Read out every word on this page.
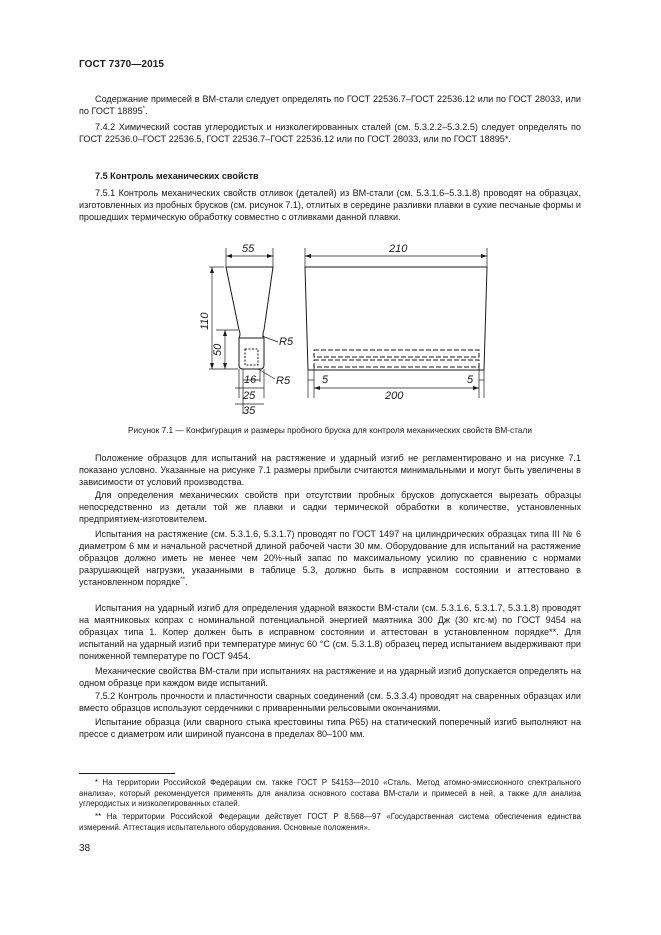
ГОСТ 7370—2015

Содержание примесей в ВМ-стали следует определять по ГОСТ 22536.7–ГОСТ 22536.12 или по ГОСТ 28033, или по ГОСТ 18895*.

7.4.2 Химический состав углеродистых и низколегированных сталей (см. 5.3.2.2–5.3.2.5) следует определять по ГОСТ 22536.0–ГОСТ 22536.5, ГОСТ 22536.7–ГОСТ 22536.12 или по ГОСТ 28033, или по ГОСТ 18895*.

7.5 Контроль механических свойств

7.5.1 Контроль механических свойств отливок (деталей) из ВМ-стали (см. 5.3.1.6–5.3.1.8) проводят на образцах, изготовленных из пробных брусков (см. рисунок 7.1), отлитых в середине разливки плавки в сухие песчаные формы и прошедших термическую обработку совместно с отливками данной плавки.

55
110
50
R5
R5
16
25
35
210
5	5
200
Рисунок 7.1 — Конфигурация и размеры пробного бруска для контроля механических свойств ВМ-стали

Положение образцов для испытаний на растяжение и ударный изгиб не регламентировано и на рисунке 7.1 показано условно. Указанные на рисунке 7.1 размеры прибыли считаются минимальными и могут быть увеличены в зависимости от условий производства.

Для определения механических свойств при отсутствии пробных брусков допускается вырезать образцы непосредственно из детали той же плавки и садки термической обработки в количестве, установленных предприятием-изготовителем.

Испытания на растяжение (см. 5.3.1.6, 5.3.1.7) проводят по ГОСТ 1497 на цилиндрических образцах типа III № 6 диаметром 6 мм и начальной расчетной длиной рабочей части 30 мм. Оборудование для испытаний на растяжение образцов должно иметь не менее чем 20%-ный запас по максимальному усилию по сравнению с нормами разрушающей нагрузки, указанными в таблице 5.3, должно быть в исправном состоянии и аттестовано в установленном порядке**.

Испытания на ударный изгиб для определения ударной вязкости ВМ-стали (см. 5.3.1.6, 5.3.1.7, 5.3.1.8) проводят на маятниковых копрах с номинальной потенциальной энергией маятника 300 Дж (30 кгс·м) по ГОСТ 9454 на образцах типа 1. Копер должен быть в исправном состоянии и аттестован в установленном порядке**. Для испытаний на ударный изгиб при температуре минус 60 °С (см. 5.3.1.8) образец перед испытанием выдерживают при пониженной температуре по ГОСТ 9454.

Механические свойства ВМ-стали при испытаниях на растяжение и на ударный изгиб допускается определять на одном образце при каждом виде испытаний.

7.5.2 Контроль прочности и пластичности сварных соединений (см. 5.3.3.4) проводят на сваренных образцах или вместо образцов используют сердечники с приваренными рельсовыми окончаниями.

Испытание образца (или сварного стыка крестовины типа Р65) на статический поперечный изгиб выполняют на прессе с диаметром или шириной пуансона в пределах 80–100 мм.

* На территории Российской Федерации см. также ГОСТ Р 54153—2010 «Сталь. Метод атомно-эмиссионного спектрального анализа», который рекомендуется применять для анализа основного состава ВМ-стали и примесей в ней, а также для анализа углеродистых и низколегированных сталей.

** На территории Российской Федерации действует ГОСТ Р 8.568—97 «Государственная система обеспечения единства измерений. Аттестация испытательного оборудования. Основные положения».

38
